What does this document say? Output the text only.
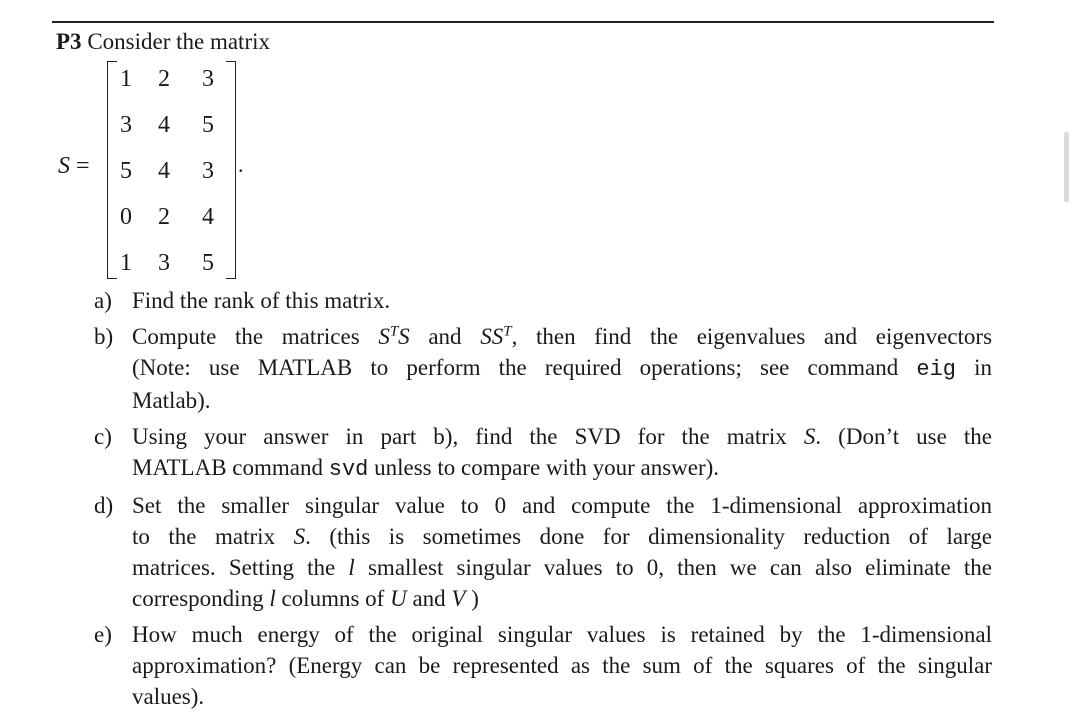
P3 Consider the matrix
S =	.
1	2	3
3	4	5
5	4	3
0	2	4
1	3	5
a) Find the rank of this matrix.
b) Compute the matrices $S^TS$ and $SS^T$, then find the eigenvalues and eigenvectors
(Note: use MATLAB to perform the required operations; see command eig in
Matlab).
c) Using your answer in part b), find the SVD for the matrix S. (Don’t use the
MATLAB command svd unless to compare with your answer).
d) Set the smaller singular value to 0 and compute the 1-dimensional approximation
to the matrix S. (this is sometimes done for dimensionality reduction of large
matrices. Setting the l smallest singular values to 0, then we can also eliminate the
corresponding l columns of U and V )
e) How much energy of the original singular values is retained by the 1-dimensional
approximation? (Energy can be represented as the sum of the squares of the singular
values).
